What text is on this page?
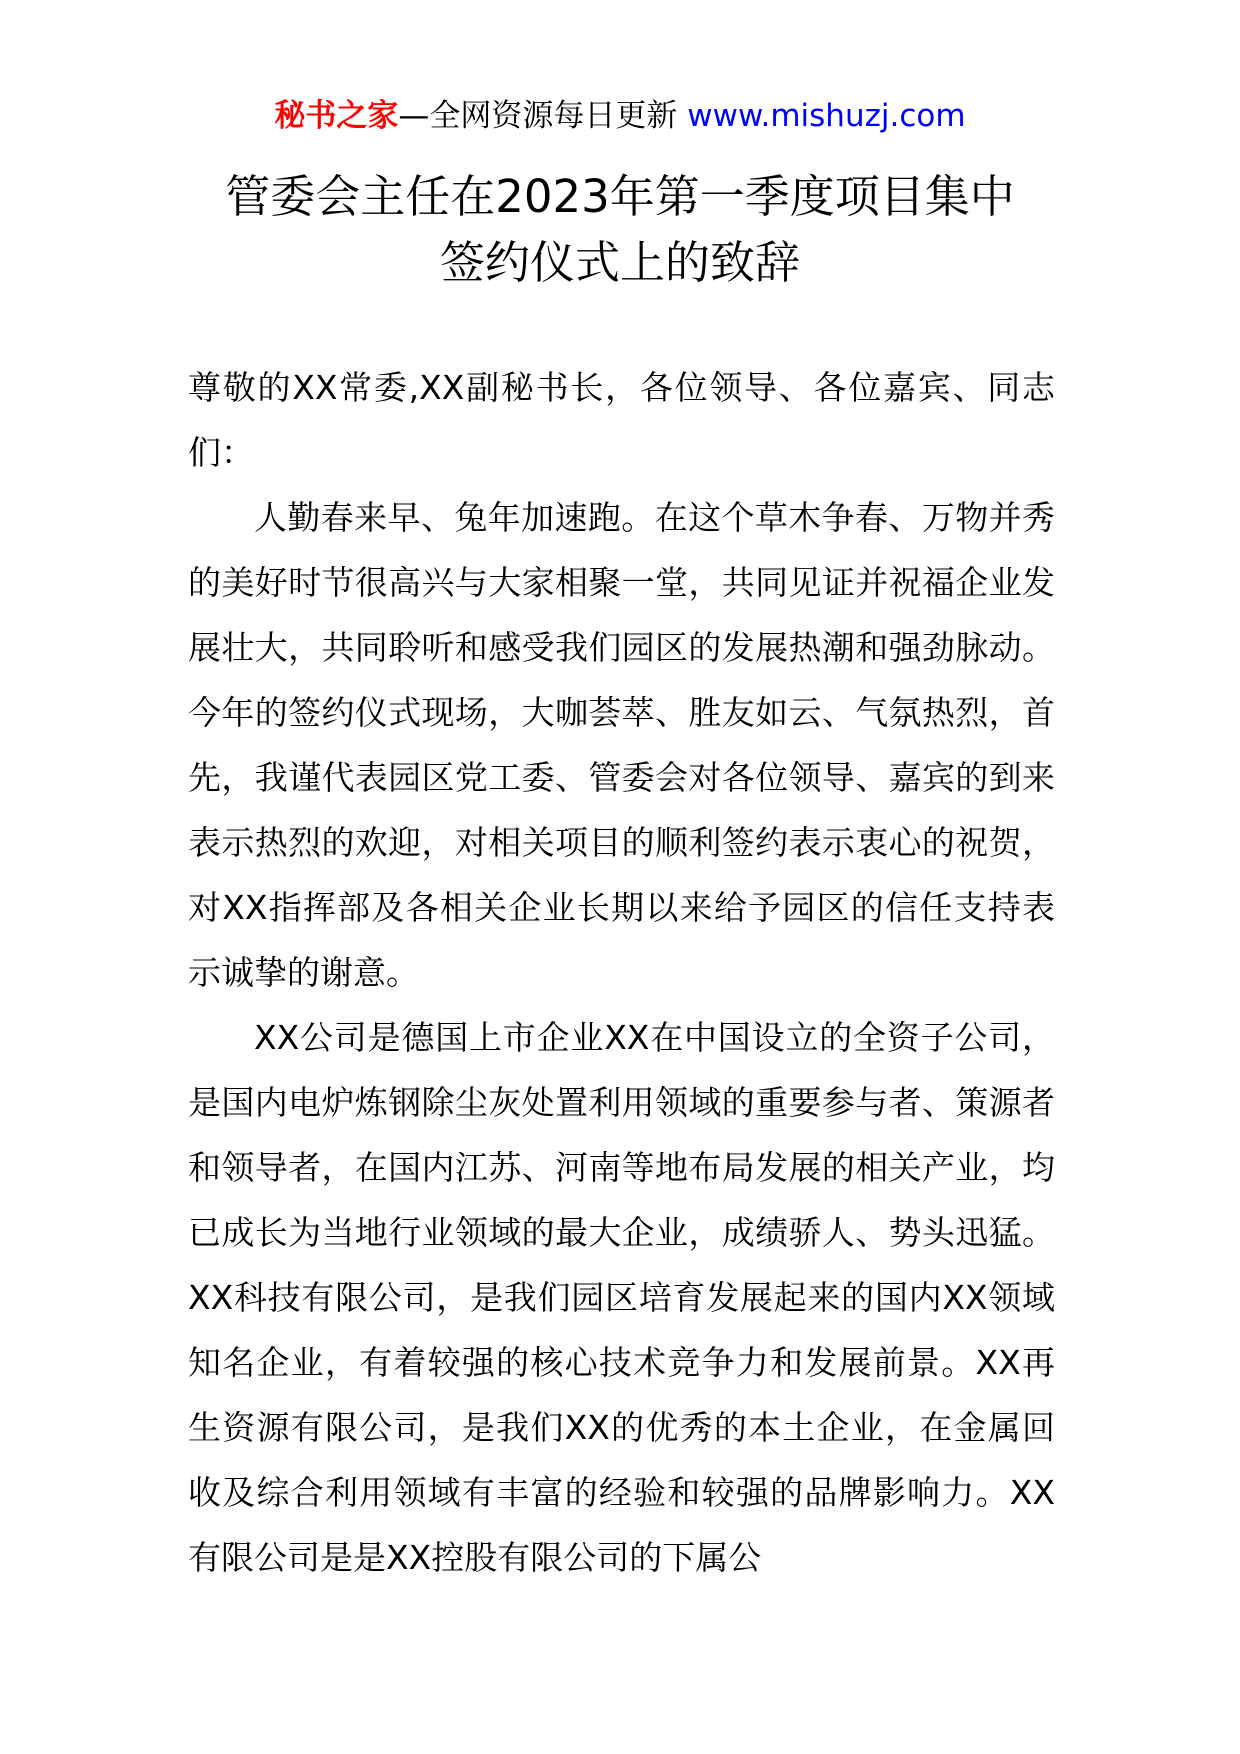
秘书之家—全网资源每日更新 www.mishuzj.com
管委会主任在2023年第一季度项目集中
签约仪式上的致辞

尊敬的XX常委,XX副秘书长，各位领导、各位嘉宾、同志们：

人勤春来早、兔年加速跑。在这个草木争春、万物并秀的美好时节很高兴与大家相聚一堂，共同见证并祝福企业发展壮大，共同聆听和感受我们园区的发展热潮和强劲脉动。今年的签约仪式现场，大咖荟萃、胜友如云、气氛热烈，首先，我谨代表园区党工委、管委会对各位领导、嘉宾的到来表示热烈的欢迎，对相关项目的顺利签约表示衷心的祝贺，对XX指挥部及各相关企业长期以来给予园区的信任支持表示诚挚的谢意。

XX公司是德国上市企业XX在中国设立的全资子公司，是国内电炉炼钢除尘灰处置利用领域的重要参与者、策源者和领导者，在国内江苏、河南等地布局发展的相关产业，均已成长为当地行业领域的最大企业，成绩骄人、势头迅猛。XX科技有限公司，是我们园区培育发展起来的国内XX领域知名企业，有着较强的核心技术竞争力和发展前景。XX再生资源有限公司，是我们XX的优秀的本土企业，在金属回收及综合利用领域有丰富的经验和较强的品牌影响力。XX有限公司是是XX控股有限公司的下属公
